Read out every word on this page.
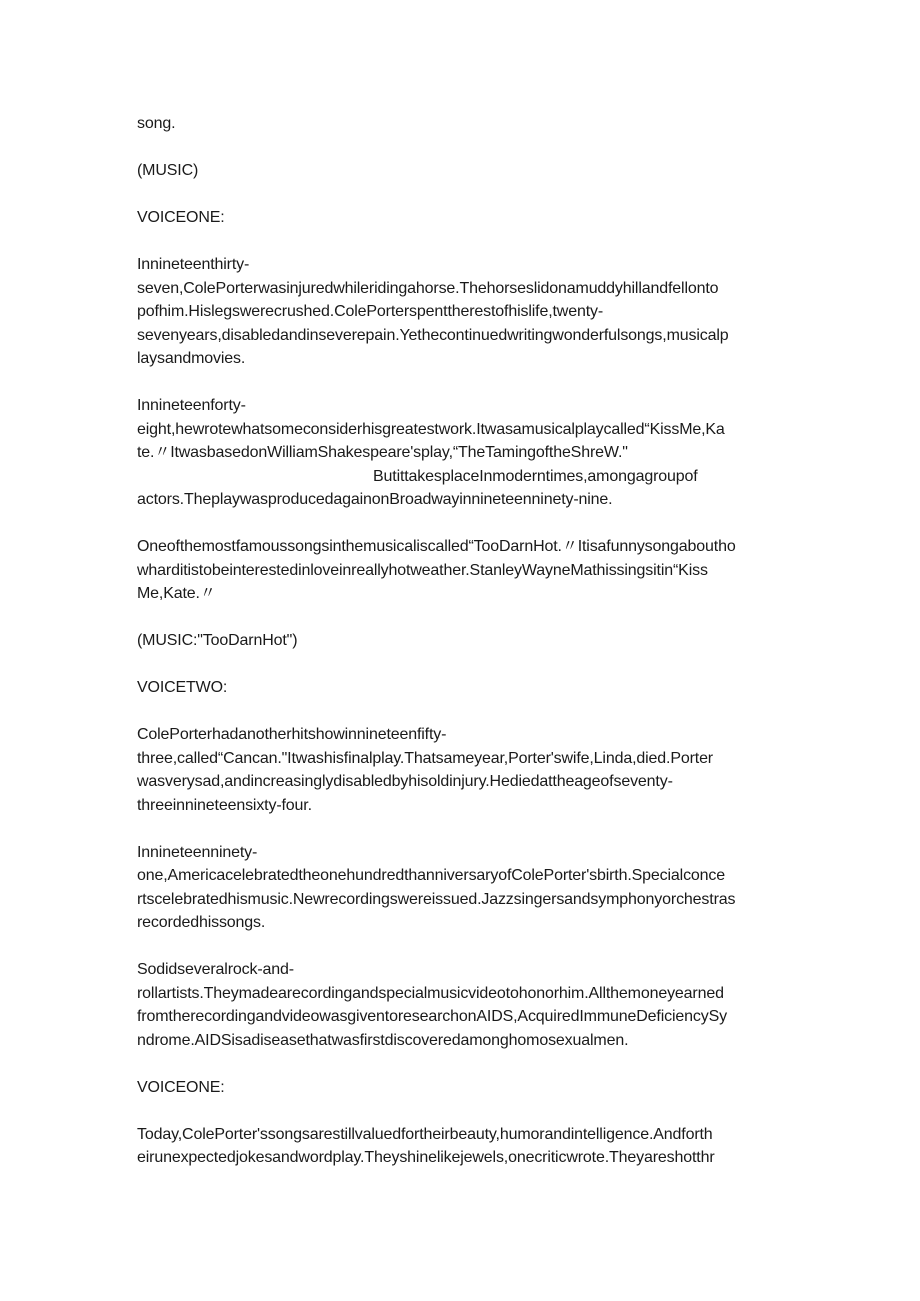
song.
(MUSIC)
VOICEONE:
Innineteenthirty-
seven,ColePorterwasinjuredwhileridingahorse.Thehorseslidonamuddyhillandfellonto
pofhim.Hislegswerecrushed.ColePorterspenttherestofhislife,twenty-
sevenyears,disabledandinseverepain.Yethecontinuedwritingwonderfulsongs,musicalp
laysandmovies.
Innineteenforty-
eight,hewrotewhatsomeconsiderhisgreatestwork.Itwasamusicalplaycalled“KissMe,Ka
te.〃ItwasbasedonWilliamShakespeare'splay,“TheTamingoftheShreW."
ButittakesplaceInmoderntimes,amongagroupof
actors.TheplaywasproducedagainonBroadwayinnineteenninety-nine.
Oneofthemostfamoussongsinthemusicaliscalled“TooDarnHot.〃Itisafunnysongaboutho
wharditistobeinterestedinloveinreallyhotweather.StanleyWayneMathissingsitin“Kiss
Me,Kate.〃
(MUSIC:"TooDarnHot")
VOICETWO:
ColePorterhadanotherhitshowinnineteenfifty-
three,called“Cancan."Itwashisfinalplay.Thatsameyear,Porter'swife,Linda,died.Porter
wasverysad,andincreasinglydisabledbyhisoldinjury.Hediedattheageofseventy-
threeinnineteensixty-four.
Innineteenninety-
one,AmericacelebratedtheonehundredthanniversaryofColePorter'sbirth.Specialconce
rtscelebratedhismusic.Newrecordingswereissued.Jazzsingersandsymphonyorchestras
recordedhissongs.
Sodidseveralrock-and-
rollartists.Theymadearecordingandspecialmusicvideotohonorhim.Allthemoneyearned
fromtherecordingandvideowasgiventoresearchonAIDS,AcquiredImmuneDeficiencySy
ndrome.AIDSisadiseasethatwasfirstdiscoveredamonghomosexualmen.
VOICEONE:
Today,ColePorter'ssongsarestillvaluedfortheirbeauty,humorandintelligence.Andforth
eirunexpectedjokesandwordplay.Theyshinelikejewels,onecriticwrote.Theyareshotthr
